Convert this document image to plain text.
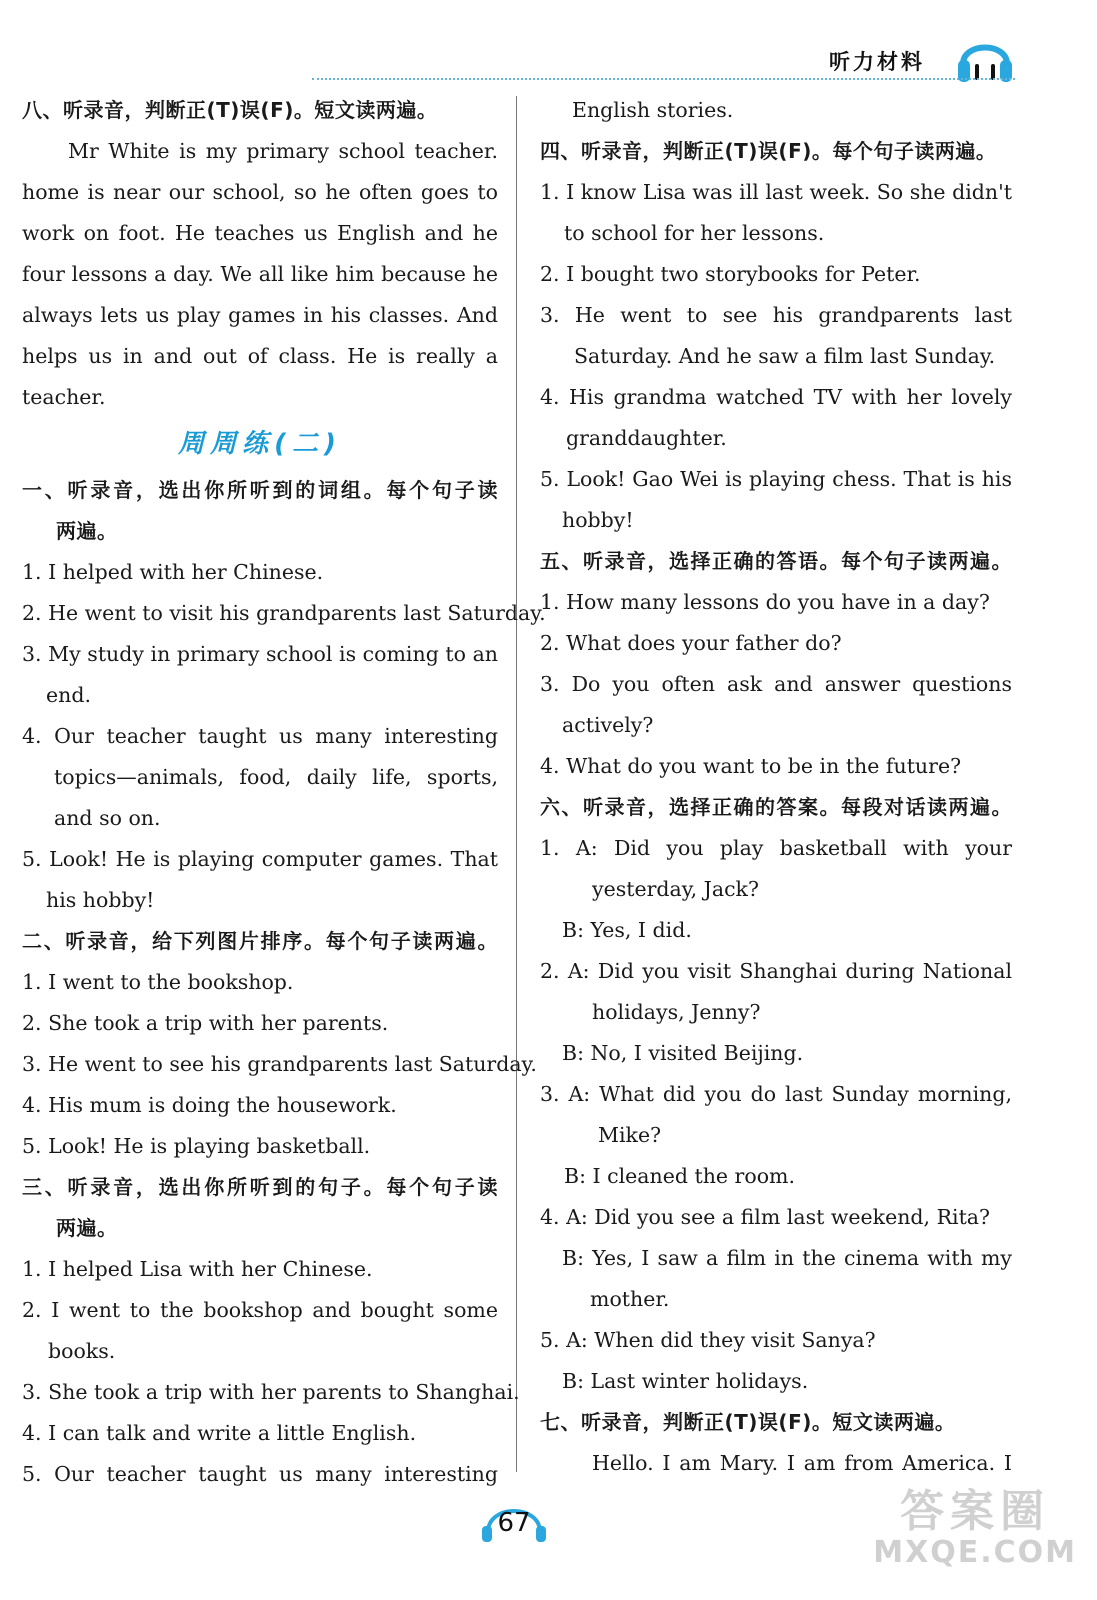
听力材料
八、听录音，判断正(T)误(F)。短文读两遍。
Mr White is my primary school teacher.
home is near our school, so he often goes to
work on foot. He teaches us English and he
four lessons a day. We all like him because he
always lets us play games in his classes. And
helps us in and out of class. He is really a
teacher.
周周练(二)
一、听录音，选出你所听到的词组。每个句子读
两遍。
1. I helped with her Chinese.
2. He went to visit his grandparents last Saturday.
3. My study in primary school is coming to an
end.
4. Our teacher taught us many interesting
topics—animals, food, daily life, sports,
and so on.
5. Look! He is playing computer games. That
his hobby!
二、听录音，给下列图片排序。每个句子读两遍。
1. I went to the bookshop.
2. She took a trip with her parents.
3. He went to see his grandparents last Saturday.
4. His mum is doing the housework.
5. Look! He is playing basketball.
三、听录音，选出你所听到的句子。每个句子读
两遍。
1. I helped Lisa with her Chinese.
2. I went to the bookshop and bought some
books.
3. She took a trip with her parents to Shanghai.
4. I can talk and write a little English.
5. Our teacher taught us many interesting
English stories.
四、听录音，判断正(T)误(F)。每个句子读两遍。
1. I know Lisa was ill last week. So she didn't
to school for her lessons.
2. I bought two storybooks for Peter.
3. He went to see his grandparents last
Saturday. And he saw a film last Sunday.
4. His grandma watched TV with her lovely
granddaughter.
5. Look! Gao Wei is playing chess. That is his
hobby!
五、听录音，选择正确的答语。每个句子读两遍。
1. How many lessons do you have in a day?
2. What does your father do?
3. Do you often ask and answer questions
actively?
4. What do you want to be in the future?
六、听录音，选择正确的答案。每段对话读两遍。
1. A: Did you play basketball with your
yesterday, Jack?
B: Yes, I did.
2. A: Did you visit Shanghai during National
holidays, Jenny?
B: No, I visited Beijing.
3. A: What did you do last Sunday morning,
Mike?
B: I cleaned the room.
4. A: Did you see a film last weekend, Rita?
B: Yes, I saw a film in the cinema with my
mother.
5. A: When did they visit Sanya?
B: Last winter holidays.
七、听录音，判断正(T)误(F)。短文读两遍。
Hello. I am Mary. I am from America. I
67	答案圈
MXQE.COM
